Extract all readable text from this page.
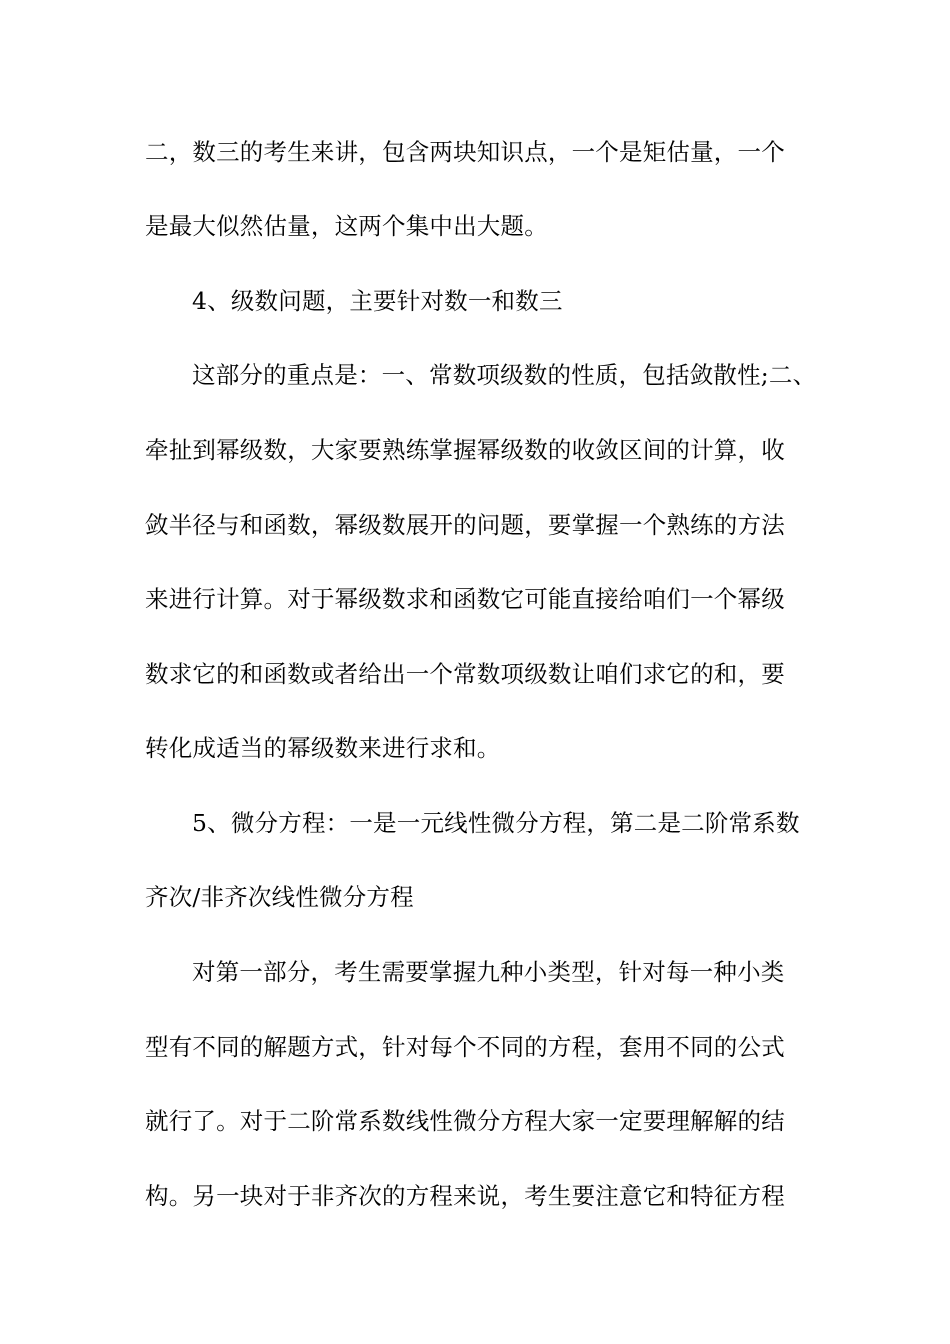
二，数三的考生来讲，包含两块知识点，一个是矩估量，一个
是最大似然估量，这两个集中出大题。
4、级数问题，主要针对数一和数三
这部分的重点是：一、常数项级数的性质，包括敛散性;二、
牵扯到幂级数，大家要熟练掌握幂级数的收敛区间的计算，收
敛半径与和函数，幂级数展开的问题，要掌握一个熟练的方法
来进行计算。对于幂级数求和函数它可能直接给咱们一个幂级
数求它的和函数或者给出一个常数项级数让咱们求它的和，要
转化成适当的幂级数来进行求和。
5、微分方程：一是一元线性微分方程，第二是二阶常系数
齐次/非齐次线性微分方程
对第一部分，考生需要掌握九种小类型，针对每一种小类
型有不同的解题方式，针对每个不同的方程，套用不同的公式
就行了。对于二阶常系数线性微分方程大家一定要理解解的结
构。另一块对于非齐次的方程来说，考生要注意它和特征方程
